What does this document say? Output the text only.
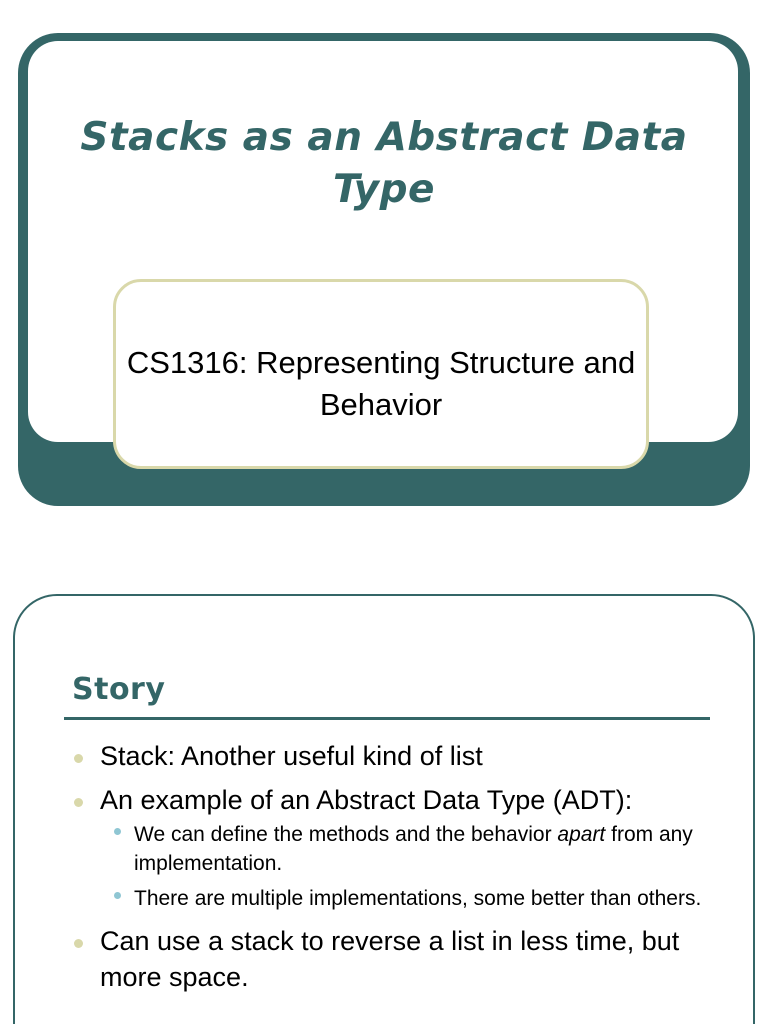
Stacks as an Abstract Data Type

CS1316: Representing Structure and Behavior

Story
Stack: Another useful kind of list
An example of an Abstract Data Type (ADT):
We can define the methods and the behavior apart from any implementation.
There are multiple implementations, some better than others.
Can use a stack to reverse a list in less time, but more space.
